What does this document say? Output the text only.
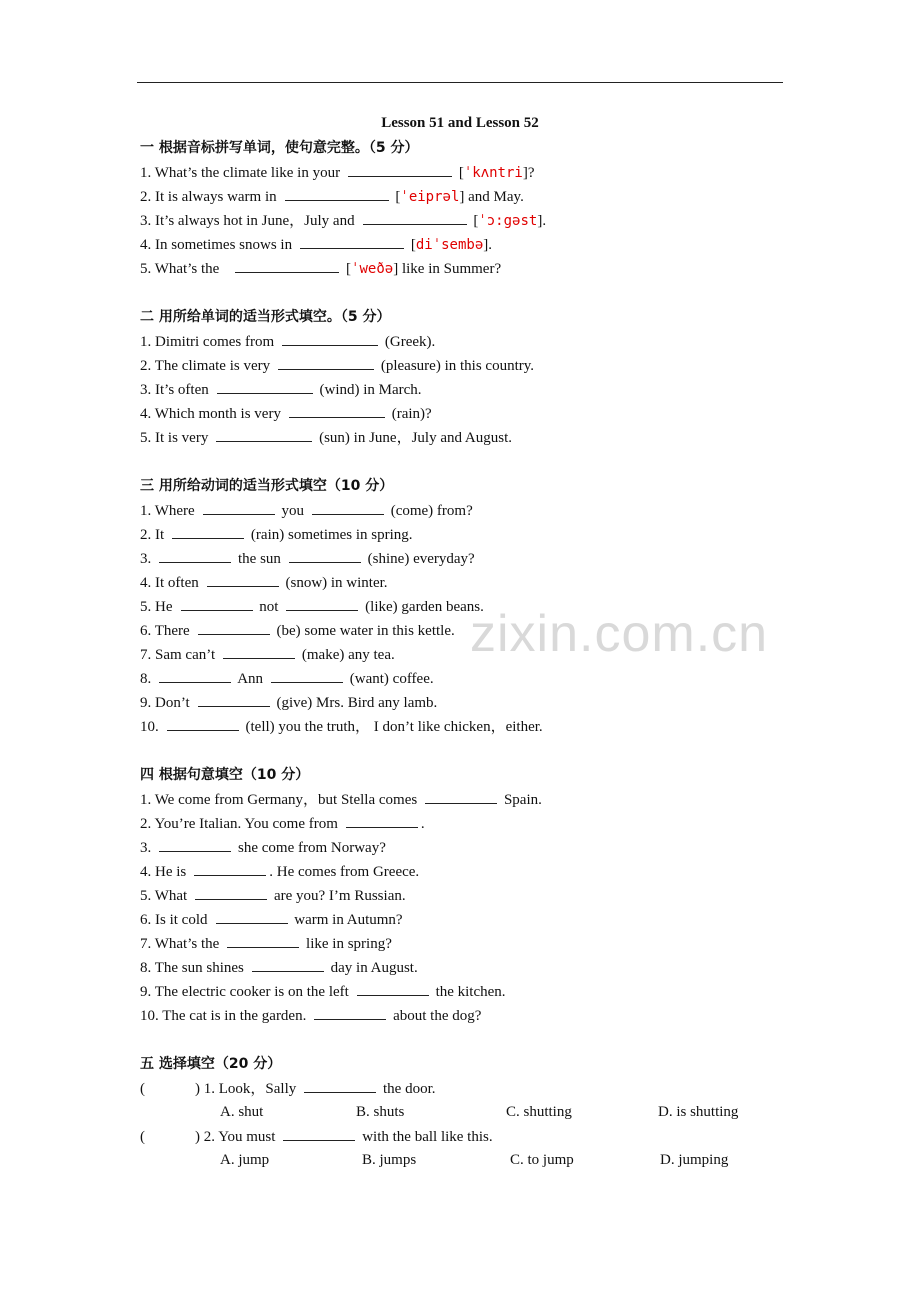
Lesson 51 and Lesson 52
zixin.com.cn
一 根据音标拼写单词，使句意完整。（5 分）
1. What’s the climate like in your	[ˈkʌntri]?
2. It is always warm in	[ˈeiprəl] and May.
3. It’s always hot in June，July and	[ˈɔ:gəst].
4. In sometimes snows in	[diˈsembə].
5. What’s the	[ˈweðə] like in Summer?
二 用所给单词的适当形式填空。（5 分）
1. Dimitri comes from	(Greek).
2. The climate is very	(pleasure) in this country.
3. It’s often	(wind) in March.
4. Which month is very	(rain)?
5. It is very	(sun) in June，July and August.
三 用所给动词的适当形式填空（10 分）
1. Where	you	(come) from?
2. It	(rain) sometimes in spring.
3.	the sun	(shine) everyday?
4. It often	(snow) in winter.
5. He	not	(like) garden beans.
6. There	(be) some water in this kettle.
7. Sam can’t	(make) any tea.
8.	Ann	(want) coffee.
9. Don’t	(give) Mrs. Bird any lamb.
10.	(tell) you the truth， I don’t like chicken，either.
四 根据句意填空（10 分）
1. We come from Germany，but Stella comes	Spain.
2. You’re Italian. You come from	.
3.	she come from Norway?
4. He is	. He comes from Greece.
5. What	are you? I’m Russian.
6. Is it cold	warm in Autumn?
7. What’s the	like in spring?
8. The sun shines	day in August.
9. The electric cooker is on the left	the kitchen.
10. The cat is in the garden.	about the dog?
五 选择填空（20 分）
(	) 1. Look，Sally	the door.
A. shut	B. shuts	C. shutting	D. is shutting
(	) 2. You must	with the ball like this.
A. jump	B. jumps	C. to jump	D. jumping
